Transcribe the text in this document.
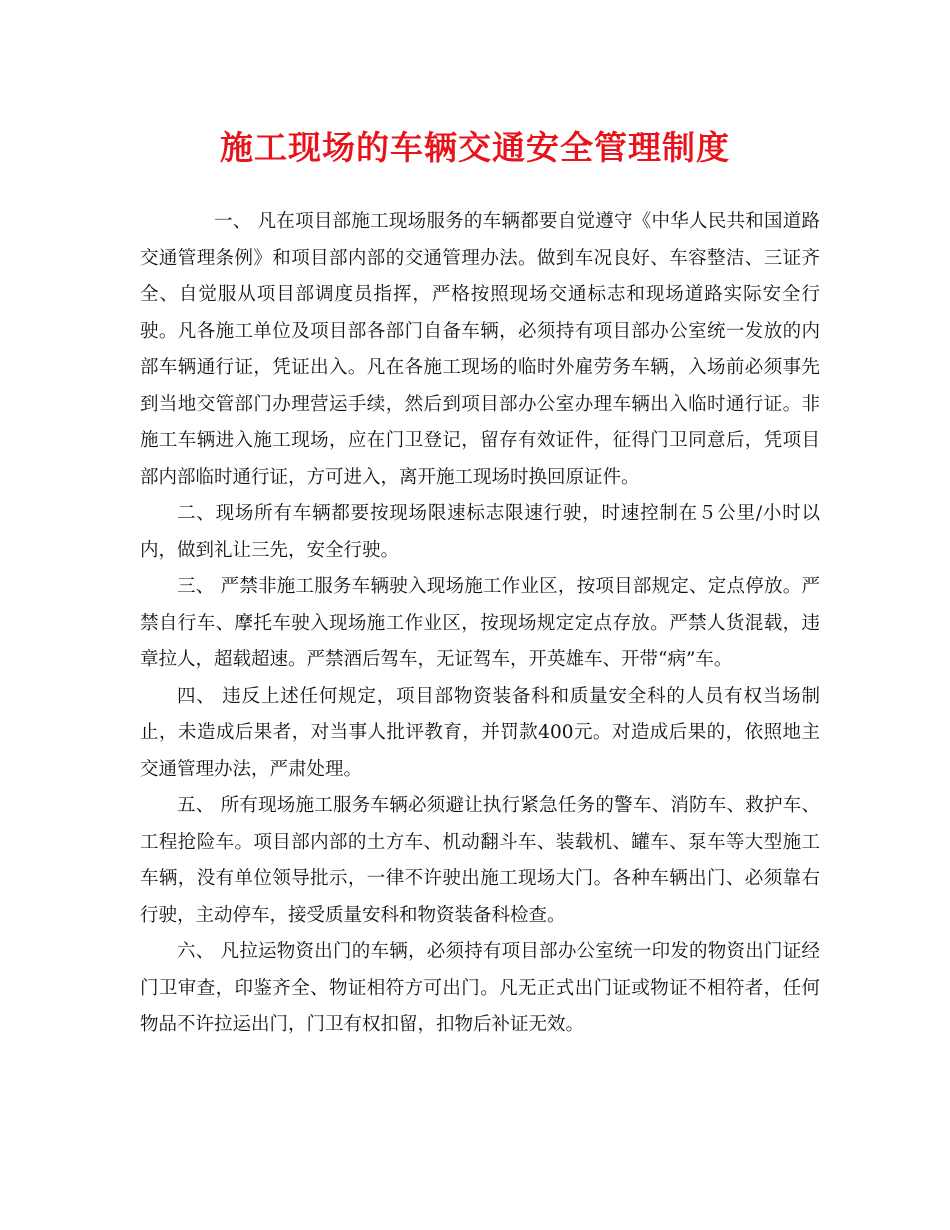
施工现场的车辆交通安全管理制度

一、 凡在项目部施工现场服务的车辆都要自觉遵守《中华人民共和国道路交通管理条例》和项目部内部的交通管理办法。做到车况良好、车容整洁、三证齐全、自觉服从项目部调度员指挥，严格按照现场交通标志和现场道路实际安全行驶。凡各施工单位及项目部各部门自备车辆，必须持有项目部办公室统一发放的内部车辆通行证，凭证出入。凡在各施工现场的临时外雇劳务车辆，入场前必须事先到当地交管部门办理营运手续，然后到项目部办公室办理车辆出入临时通行证。非施工车辆进入施工现场，应在门卫登记，留存有效证件，征得门卫同意后，凭项目部内部临时通行证，方可进入，离开施工现场时换回原证件。

二、现场所有车辆都要按现场限速标志限速行驶，时速控制在５公里/小时以内，做到礼让三先，安全行驶。

三、 严禁非施工服务车辆驶入现场施工作业区，按项目部规定、定点停放。严禁自行车、摩托车驶入现场施工作业区，按现场规定定点存放。严禁人货混载，违章拉人，超载超速。严禁酒后驾车，无证驾车，开英雄车、开带“病”车。

四、 违反上述任何规定，项目部物资装备科和质量安全科的人员有权当场制止，未造成后果者，对当事人批评教育，并罚款400元。对造成后果的，依照地主交通管理办法，严肃处理。

五、 所有现场施工服务车辆必须避让执行紧急任务的警车、消防车、救护车、工程抢险车。项目部内部的土方车、机动翻斗车、装载机、罐车、泵车等大型施工车辆，没有单位领导批示，一律不许驶出施工现场大门。各种车辆出门、必须靠右行驶，主动停车，接受质量安科和物资装备科检查。

六、 凡拉运物资出门的车辆，必须持有项目部办公室统一印发的物资出门证经门卫审查，印鉴齐全、物证相符方可出门。凡无正式出门证或物证不相符者，任何物品不许拉运出门，门卫有权扣留，扣物后补证无效。
